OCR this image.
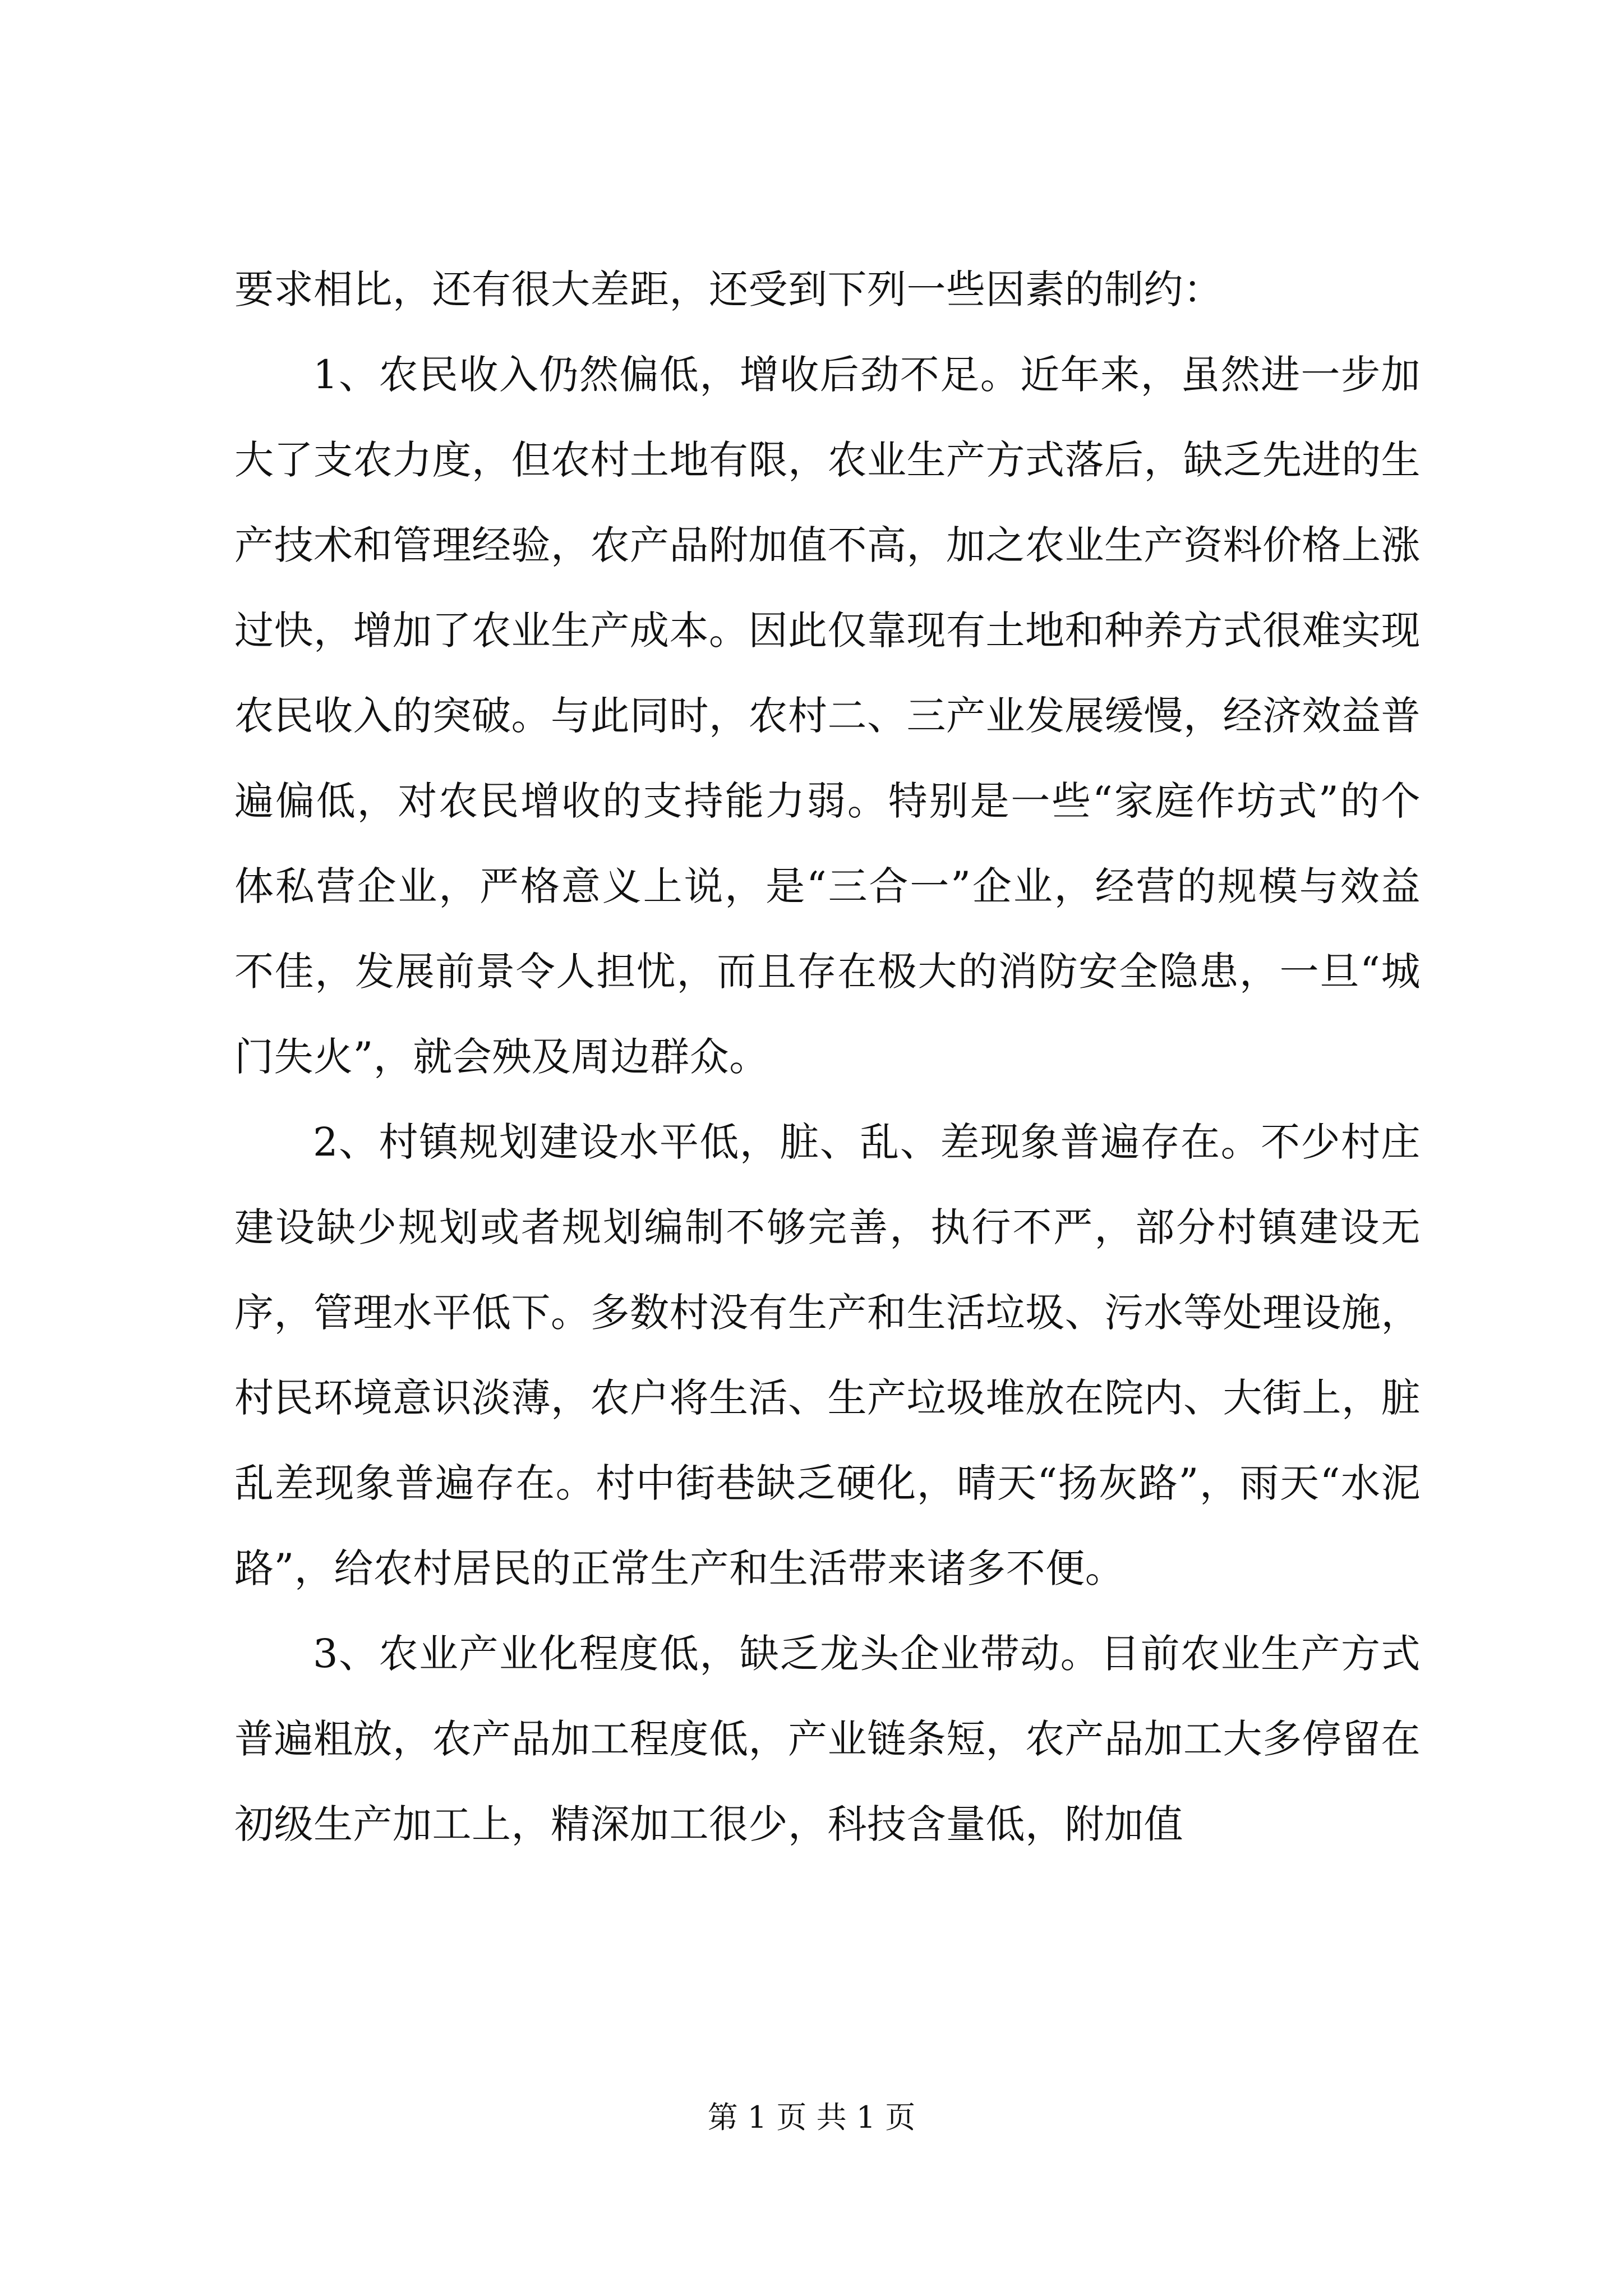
要求相比，还有很大差距，还受到下列一些因素的制约：

1、农民收入仍然偏低，增收后劲不足。近年来，虽然进一步加大了支农力度，但农村土地有限，农业生产方式落后，缺乏先进的生产技术和管理经验，农产品附加值不高，加之农业生产资料价格上涨过快，增加了农业生产成本。因此仅靠现有土地和种养方式很难实现农民收入的突破。与此同时，农村二、三产业发展缓慢，经济效益普遍偏低，对农民增收的支持能力弱。特别是一些“家庭作坊式”的个体私营企业，严格意义上说，是“三合一”企业，经营的规模与效益不佳，发展前景令人担忧，而且存在极大的消防安全隐患，一旦“城门失火”，就会殃及周边群众。

2、村镇规划建设水平低，脏、乱、差现象普遍存在。不少村庄建设缺少规划或者规划编制不够完善，执行不严，部分村镇建设无序，管理水平低下。多数村没有生产和生活垃圾、污水等处理设施，村民环境意识淡薄，农户将生活、生产垃圾堆放在院内、大街上，脏乱差现象普遍存在。村中街巷缺乏硬化，晴天“扬灰路”，雨天“水泥路”，给农村居民的正常生产和生活带来诸多不便。

3、农业产业化程度低，缺乏龙头企业带动。目前农业生产方式普遍粗放，农产品加工程度低，产业链条短，农产品加工大多停留在初级生产加工上，精深加工很少，科技含量低，附加值

第 1 页 共 1 页
